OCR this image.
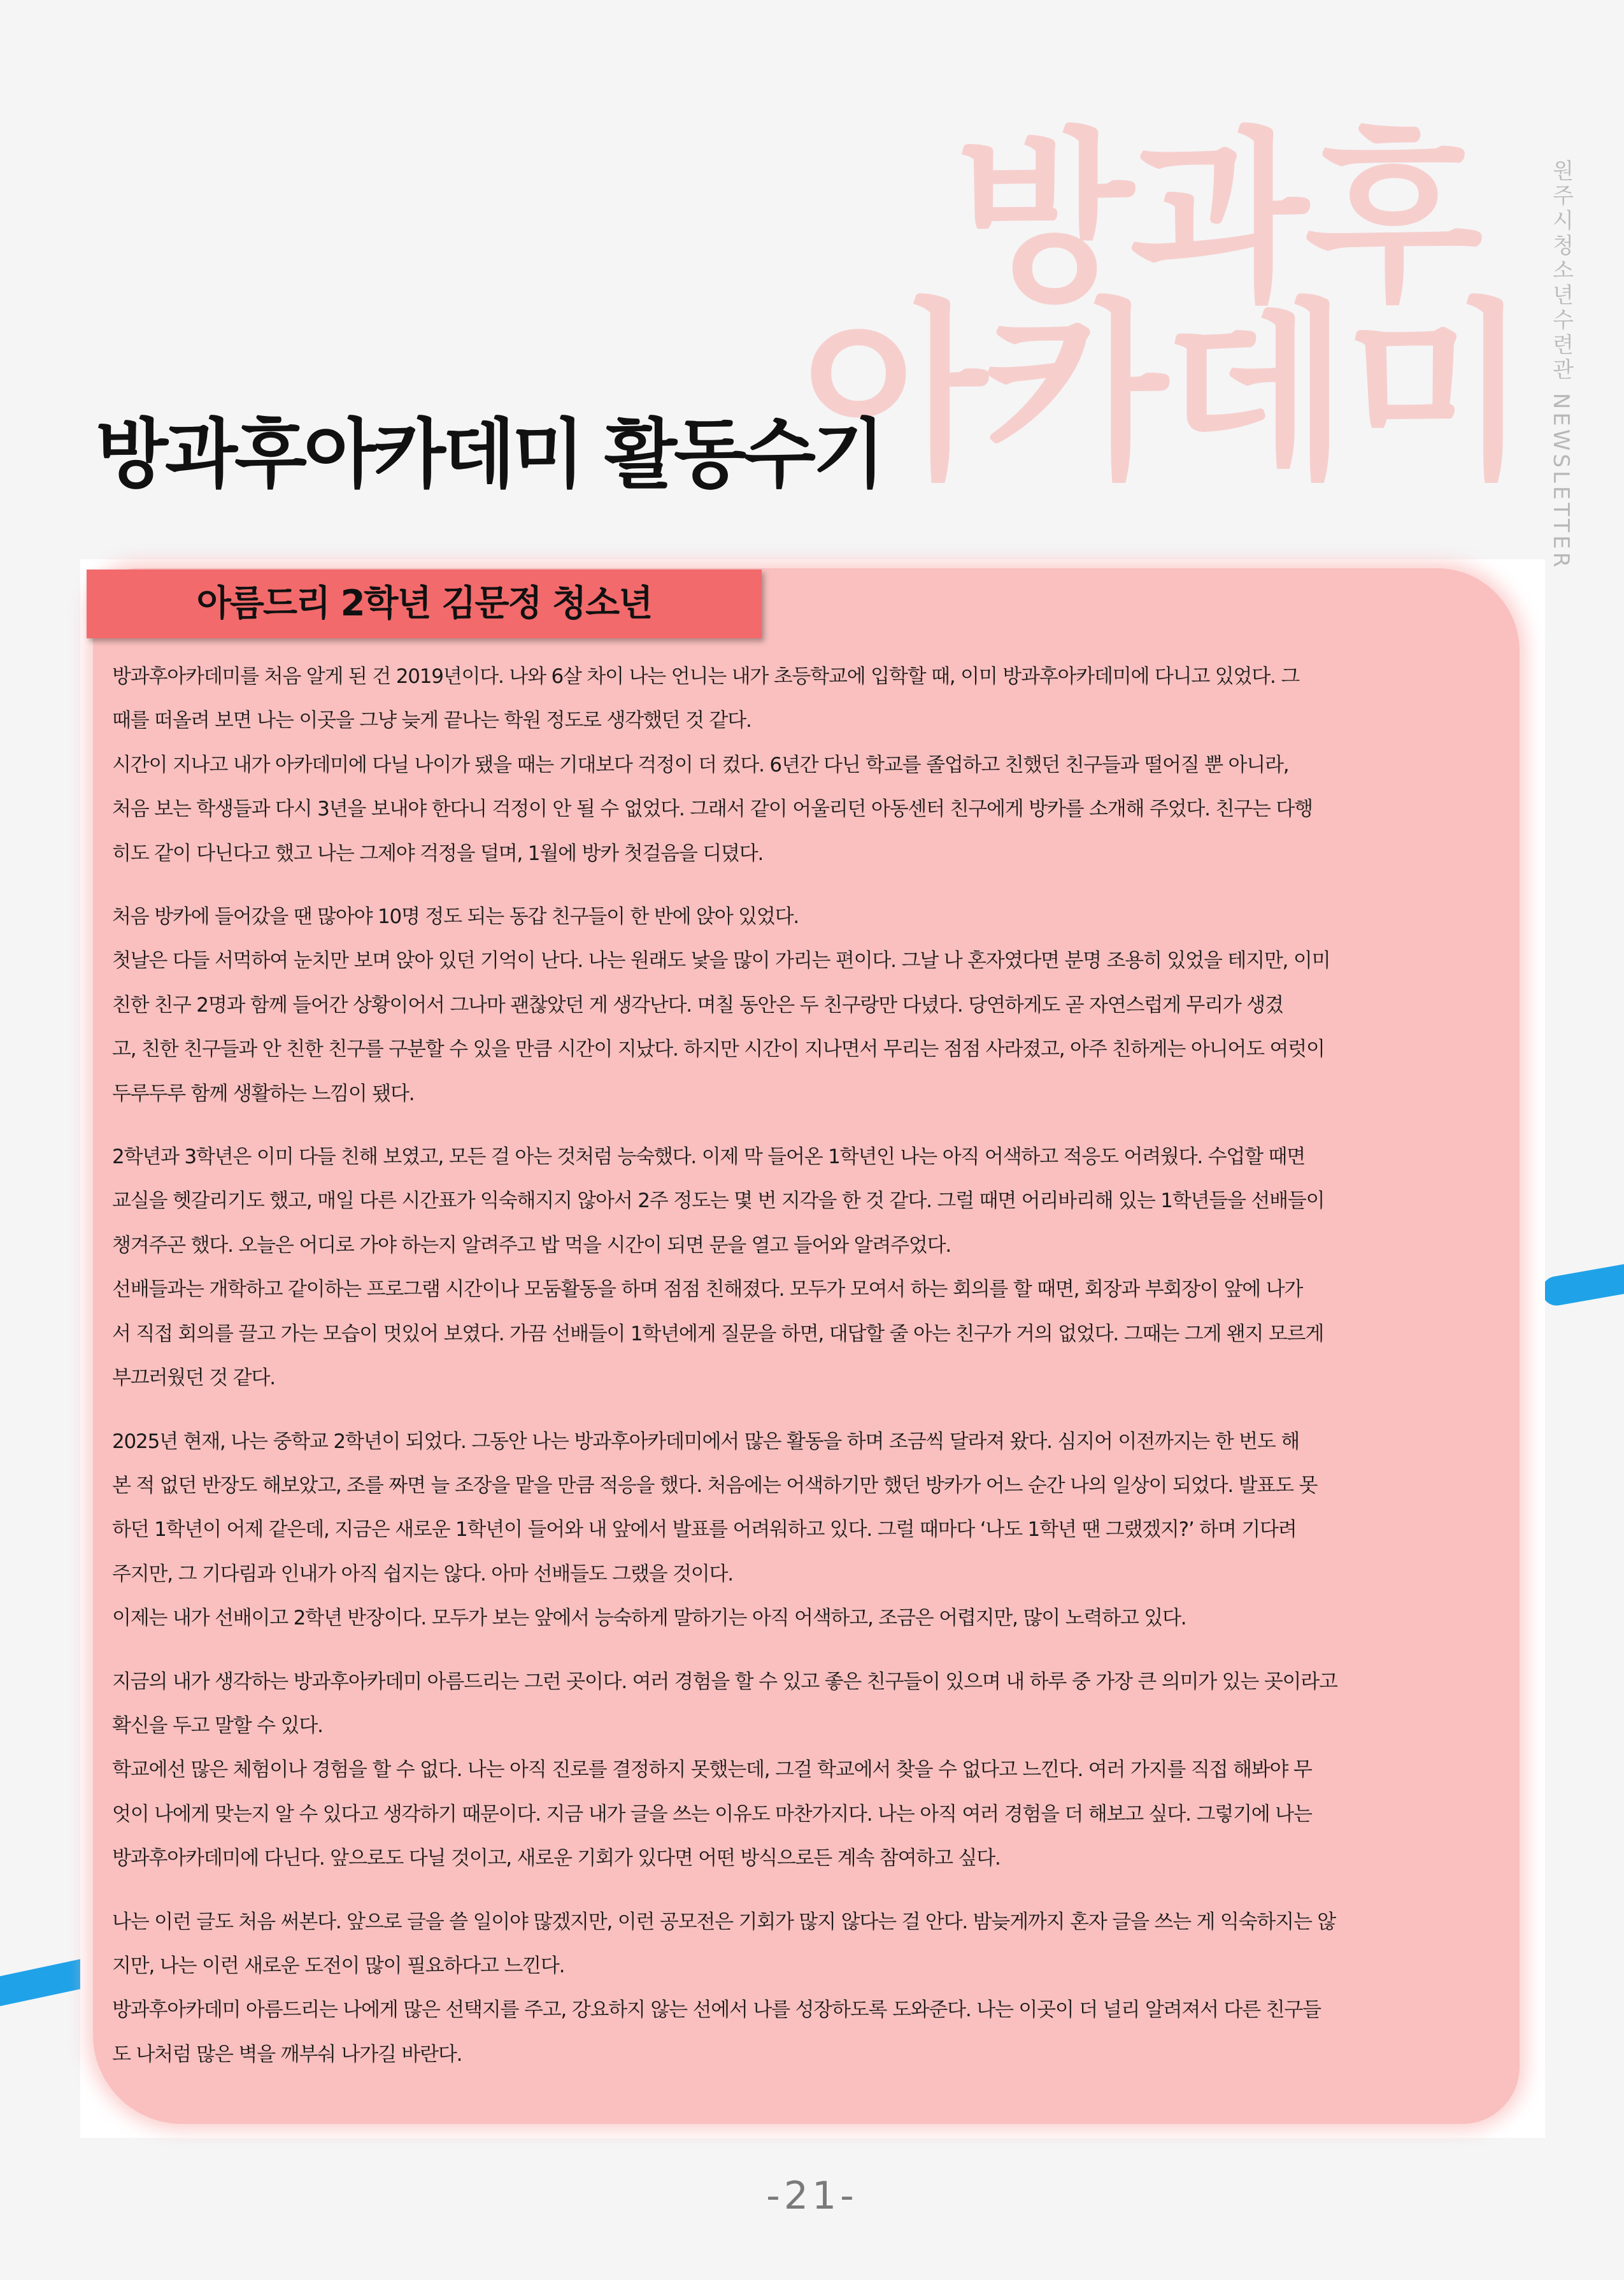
방과후
아카데미 원주시청소년수련관 NEWSLETTER
방과후아카데미 활동수기
아름드리 2학년 김문정 청소년

방과후아카데미를 처음 알게 된 건 2019년이다. 나와 6살 차이 나는 언니는 내가 초등학교에 입학할 때, 이미 방과후아카데미에 다니고 있었다. 그

때를 떠올려 보면 나는 이곳을 그냥 늦게 끝나는 학원 정도로 생각했던 것 같다.

시간이 지나고 내가 아카데미에 다닐 나이가 됐을 때는 기대보다 걱정이 더 컸다. 6년간 다닌 학교를 졸업하고 친했던 친구들과 떨어질 뿐 아니라,

처음 보는 학생들과 다시 3년을 보내야 한다니 걱정이 안 될 수 없었다. 그래서 같이 어울리던 아동센터 친구에게 방카를 소개해 주었다. 친구는 다행

히도 같이 다닌다고 했고 나는 그제야 걱정을 덜며, 1월에 방카 첫걸음을 디뎠다.

처음 방카에 들어갔을 땐 많아야 10명 정도 되는 동갑 친구들이 한 반에 앉아 있었다.

첫날은 다들 서먹하여 눈치만 보며 앉아 있던 기억이 난다. 나는 원래도 낯을 많이 가리는 편이다. 그날 나 혼자였다면 분명 조용히 있었을 테지만, 이미

친한 친구 2명과 함께 들어간 상황이어서 그나마 괜찮았던 게 생각난다. 며칠 동안은 두 친구랑만 다녔다. 당연하게도 곧 자연스럽게 무리가 생겼

고, 친한 친구들과 안 친한 친구를 구분할 수 있을 만큼 시간이 지났다. 하지만 시간이 지나면서 무리는 점점 사라졌고, 아주 친하게는 아니어도 여럿이

두루두루 함께 생활하는 느낌이 됐다.

2학년과 3학년은 이미 다들 친해 보였고, 모든 걸 아는 것처럼 능숙했다. 이제 막 들어온 1학년인 나는 아직 어색하고 적응도 어려웠다. 수업할 때면

교실을 헷갈리기도 했고, 매일 다른 시간표가 익숙해지지 않아서 2주 정도는 몇 번 지각을 한 것 같다. 그럴 때면 어리바리해 있는 1학년들을 선배들이

챙겨주곤 했다. 오늘은 어디로 가야 하는지 알려주고 밥 먹을 시간이 되면 문을 열고 들어와 알려주었다.

선배들과는 개학하고 같이하는 프로그램 시간이나 모둠활동을 하며 점점 친해졌다. 모두가 모여서 하는 회의를 할 때면, 회장과 부회장이 앞에 나가

서 직접 회의를 끌고 가는 모습이 멋있어 보였다. 가끔 선배들이 1학년에게 질문을 하면, 대답할 줄 아는 친구가 거의 없었다. 그때는 그게 왠지 모르게

부끄러웠던 것 같다.

2025년 현재, 나는 중학교 2학년이 되었다. 그동안 나는 방과후아카데미에서 많은 활동을 하며 조금씩 달라져 왔다. 심지어 이전까지는 한 번도 해

본 적 없던 반장도 해보았고, 조를 짜면 늘 조장을 맡을 만큼 적응을 했다. 처음에는 어색하기만 했던 방카가 어느 순간 나의 일상이 되었다. 발표도 못

하던 1학년이 어제 같은데, 지금은 새로운 1학년이 들어와 내 앞에서 발표를 어려워하고 있다. 그럴 때마다 ‘나도 1학년 땐 그랬겠지?’ 하며 기다려

주지만, 그 기다림과 인내가 아직 쉽지는 않다. 아마 선배들도 그랬을 것이다.

이제는 내가 선배이고 2학년 반장이다. 모두가 보는 앞에서 능숙하게 말하기는 아직 어색하고, 조금은 어렵지만, 많이 노력하고 있다.

지금의 내가 생각하는 방과후아카데미 아름드리는 그런 곳이다. 여러 경험을 할 수 있고 좋은 친구들이 있으며 내 하루 중 가장 큰 의미가 있는 곳이라고

확신을 두고 말할 수 있다.

학교에선 많은 체험이나 경험을 할 수 없다. 나는 아직 진로를 결정하지 못했는데, 그걸 학교에서 찾을 수 없다고 느낀다. 여러 가지를 직접 해봐야 무

엇이 나에게 맞는지 알 수 있다고 생각하기 때문이다. 지금 내가 글을 쓰는 이유도 마찬가지다. 나는 아직 여러 경험을 더 해보고 싶다. 그렇기에 나는

방과후아카데미에 다닌다. 앞으로도 다닐 것이고, 새로운 기회가 있다면 어떤 방식으로든 계속 참여하고 싶다.

나는 이런 글도 처음 써본다. 앞으로 글을 쓸 일이야 많겠지만, 이런 공모전은 기회가 많지 않다는 걸 안다. 밤늦게까지 혼자 글을 쓰는 게 익숙하지는 않

지만, 나는 이런 새로운 도전이 많이 필요하다고 느낀다.

방과후아카데미 아름드리는 나에게 많은 선택지를 주고, 강요하지 않는 선에서 나를 성장하도록 도와준다. 나는 이곳이 더 널리 알려져서 다른 친구들

도 나처럼 많은 벽을 깨부숴 나가길 바란다.

-21-
